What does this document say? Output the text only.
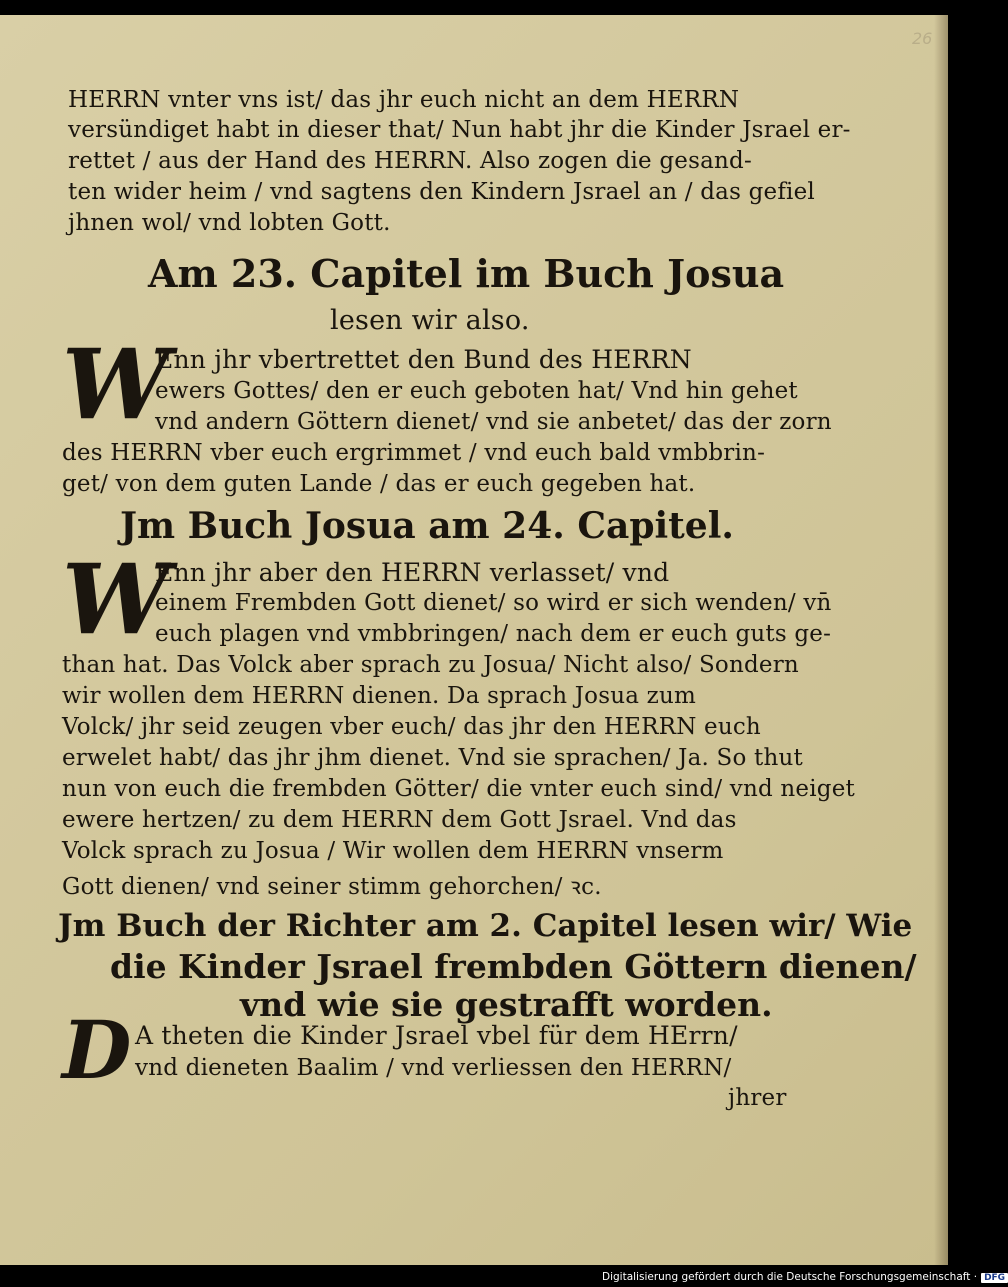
26
HERRN vnter vns ist/ das jhr euch nicht an dem HERRN
versündiget habt in dieser that/ Nun habt jhr die Kinder Jsrael er-
rettet / aus der Hand des HERRN. Also zogen die gesand-
ten wider heim / vnd sagtens den Kindern Jsrael an / das gefiel
jhnen wol/ vnd lobten Gott.
Am 23. Capitel im Buch Josua
lesen wir also.
W
Enn jhr vbertrettet den Bund des HERRN
ewers Gottes/ den er euch geboten hat/ Vnd hin gehet
vnd andern Göttern dienet/ vnd sie anbetet/ das der zorn
des HERRN vber euch ergrimmet / vnd euch bald vmbbrin-
get/ von dem guten Lande / das er euch gegeben hat.
Jm Buch Josua am 24. Capitel.
W
Enn jhr aber den HERRN verlasset/ vnd
einem Frembden Gott dienet/ so wird er sich wenden/ vn̄
euch plagen vnd vmbbringen/ nach dem er euch guts ge-
than hat. Das Volck aber sprach zu Josua/ Nicht also/ Sondern
wir wollen dem HERRN dienen. Da sprach Josua zum
Volck/ jhr seid zeugen vber euch/ das jhr den HERRN euch
erwelet habt/ das jhr jhm dienet. Vnd sie sprachen/ Ja. So thut
nun von euch die frembden Götter/ die vnter euch sind/ vnd neiget
ewere hertzen/ zu dem HERRN dem Gott Jsrael. Vnd das
Volck sprach zu Josua / Wir wollen dem HERRN vnserm
Gott dienen/ vnd seiner stimm gehorchen/ ꝛc.
Jm Buch der Richter am 2. Capitel lesen wir/ Wie
die Kinder Jsrael frembden Göttern dienen/
vnd wie sie gestrafft worden.
D A theten die Kinder Jsrael vbel für dem HErrn/
vnd dieneten Baalim / vnd verliessen den HERRN/
jhrer
Digitalisierung gefördert durch die Deutsche Forschungsgemeinschaft · DFG
